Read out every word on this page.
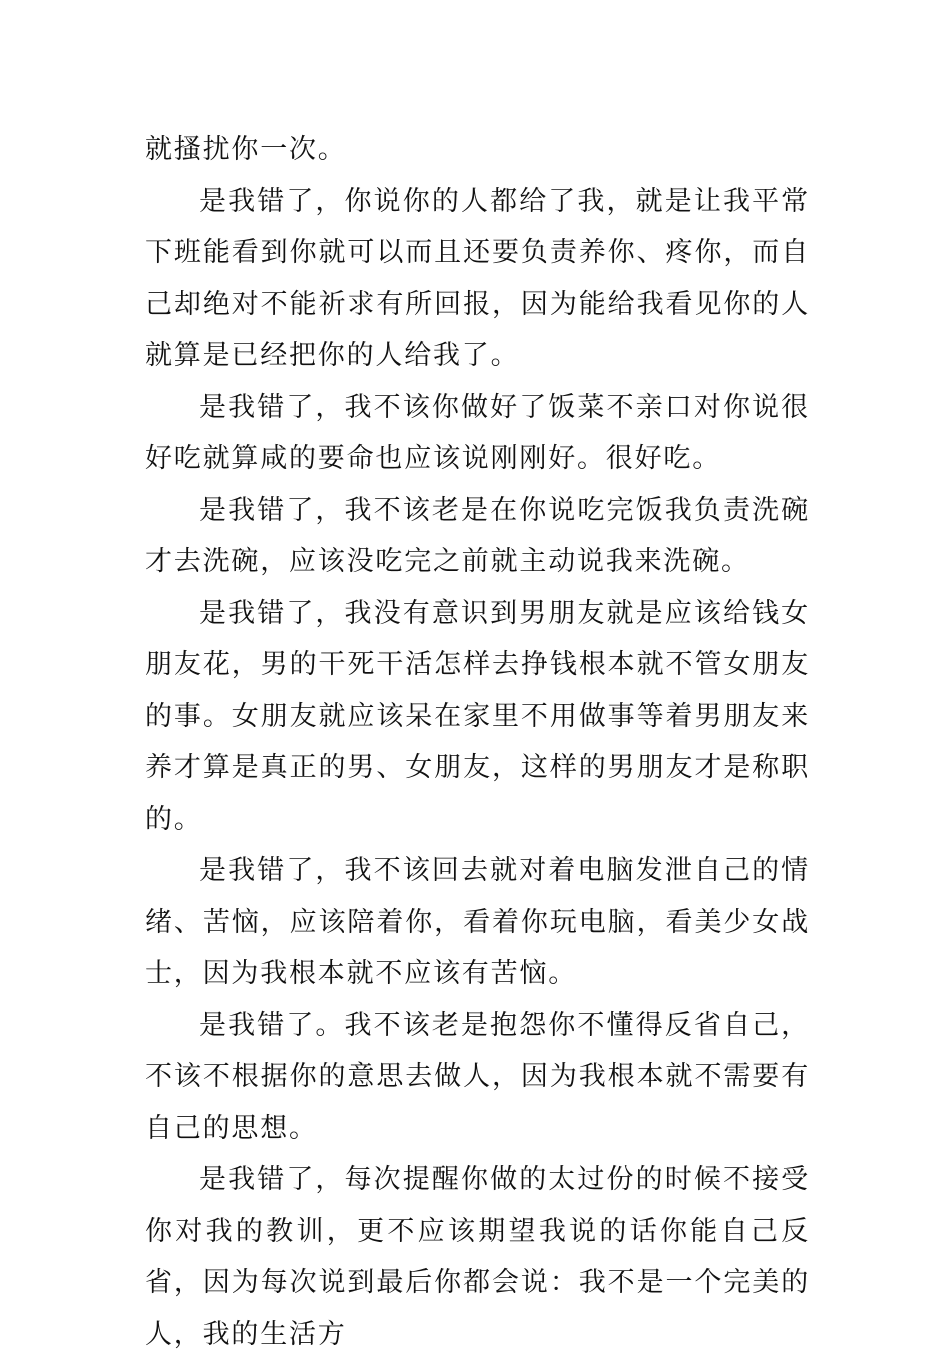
就搔扰你一次。

是我错了，你说你的人都给了我，就是让我平常下班能看到你就可以而且还要负责养你、疼你，而自己却绝对不能祈求有所回报，因为能给我看见你的人就算是已经把你的人给我了。

是我错了，我不该你做好了饭菜不亲口对你说很好吃就算咸的要命也应该说刚刚好。很好吃。

是我错了，我不该老是在你说吃完饭我负责洗碗才去洗碗，应该没吃完之前就主动说我来洗碗。

是我错了，我没有意识到男朋友就是应该给钱女朋友花，男的干死干活怎样去挣钱根本就不管女朋友的事。女朋友就应该呆在家里不用做事等着男朋友来养才算是真正的男、女朋友，这样的男朋友才是称职的。

是我错了，我不该回去就对着电脑发泄自己的情绪、苦恼，应该陪着你，看着你玩电脑，看美少女战士，因为我根本就不应该有苦恼。

是我错了。我不该老是抱怨你不懂得反省自己，不该不根据你的意思去做人，因为我根本就不需要有自己的思想。

是我错了，每次提醒你做的太过份的时候不接受你对我的教训，更不应该期望我说的话你能自己反省，因为每次说到最后你都会说：我不是一个完美的人，我的生活方
